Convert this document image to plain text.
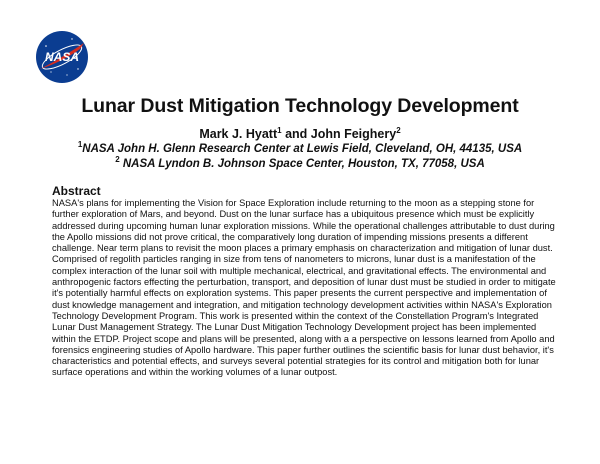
NASA
Lunar Dust Mitigation Technology Development
Mark J. Hyatt$^1$ and John Feighery$^2$
$^1$NASA John H. Glenn Research Center at Lewis Field, Cleveland, OH, 44135, USA
$^2$ NASA Lyndon B. Johnson Space Center, Houston, TX, 77058, USA
Abstract

NASA's plans for implementing the Vision for Space Exploration include returning to the moon as a stepping stone for further exploration of Mars, and beyond. Dust on the lunar surface has a ubiquitous presence which must be explicitly addressed during upcoming human lunar exploration missions. While the operational challenges attributable to dust during the Apollo missions did not prove critical, the comparatively long duration of impending missions presents a different challenge. Near term plans to revisit the moon places a primary emphasis on characterization and mitigation of lunar dust. Comprised of regolith particles ranging in size from tens of nanometers to microns, lunar dust is a manifestation of the complex interaction of the lunar soil with multiple mechanical, electrical, and gravitational effects. The environmental and anthropogenic factors effecting the perturbation, transport, and deposition of lunar dust must be studied in order to mitigate it's potentially harmful effects on exploration systems. This paper presents the current perspective and implementation of dust knowledge management and integration, and mitigation technology development activities within NASA's Exploration Technology Development Program. This work is presented within the context of the Constellation Program's Integrated Lunar Dust Management Strategy. The Lunar Dust Mitigation Technology Development project has been implemented within the ETDP. Project scope and plans will be presented, along with a a perspective on lessons learned from Apollo and forensics engineering studies of Apollo hardware. This paper further outlines the scientific basis for lunar dust behavior, it's characteristics and potential effects, and surveys several potential strategies for its control and mitigation both for lunar surface operations and within the working volumes of a lunar outpost.
